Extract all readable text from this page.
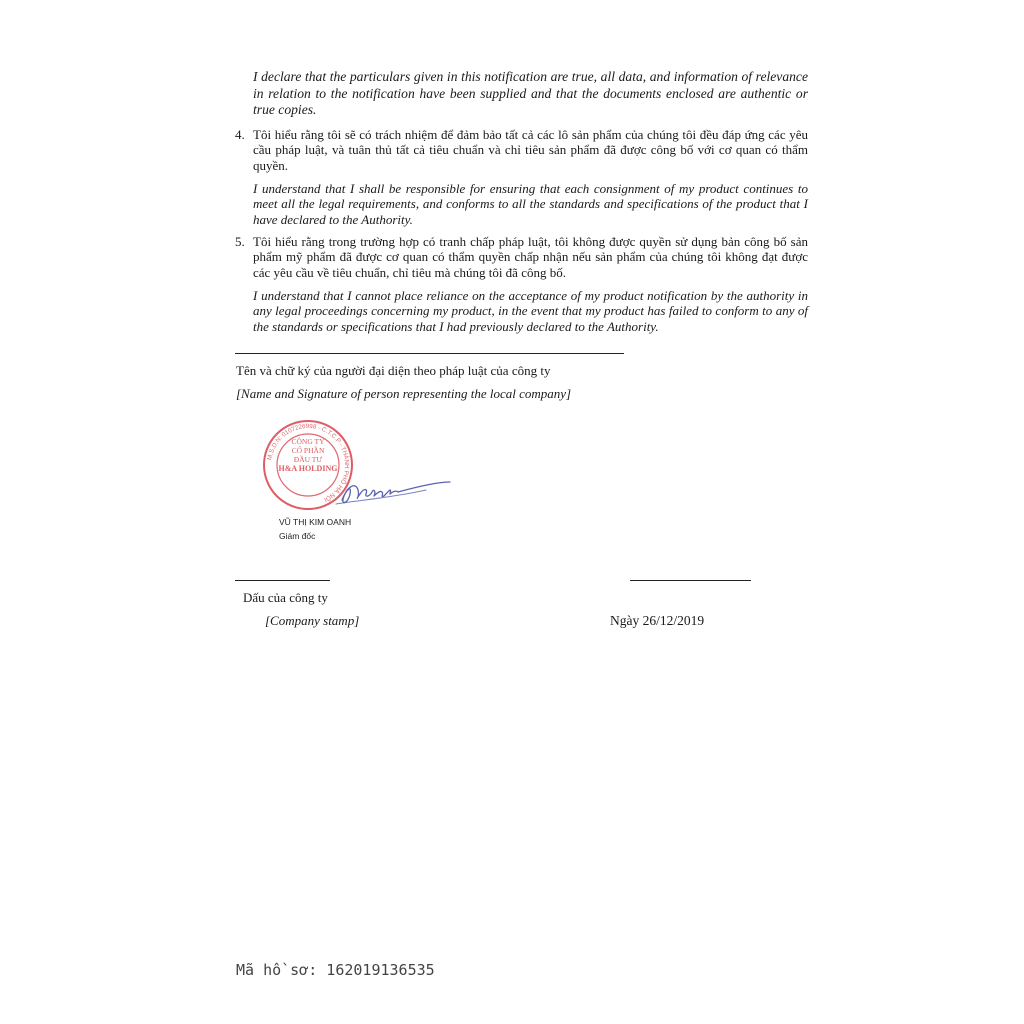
I declare that the particulars given in this notification are true, all data, and information of relevance in relation to the notification have been supplied and that the documents enclosed are authentic or true copies.

4. Tôi hiểu rằng tôi sẽ có trách nhiệm để đảm bảo tất cả các lô sản phẩm của chúng tôi đều đáp ứng các yêu cầu pháp luật, và tuân thủ tất cả tiêu chuẩn và chỉ tiêu sản phẩm đã được công bố với cơ quan có thẩm quyền.

I understand that I shall be responsible for ensuring that each consignment of my product continues to meet all the legal requirements, and conforms to all the standards and specifications of the product that I have declared to the Authority.

5. Tôi hiểu rằng trong trường hợp có tranh chấp pháp luật, tôi không được quyền sử dụng bản công bố sản phẩm mỹ phẩm đã được cơ quan có thẩm quyền chấp nhận nếu sản phẩm của chúng tôi không đạt được các yêu cầu về tiêu chuẩn, chỉ tiêu mà chúng tôi đã công bố.

I understand that I cannot place reliance on the acceptance of my product notification by the authority in any legal proceedings concerning my product, in the event that my product has failed to conform to any of the standards or specifications that I had previously declared to the Authority.

Tên và chữ ký của người đại diện theo pháp luật của công ty
[Name and Signature of person representing the local company]
M.S.D.N: 0107226998 - C.T.C.P - THÀNH PHỐ HÀ NỘI
CÔNG TY
CỔ PHẦN
ĐẦU TƯ
H&A HOLDING
VŨ THỊ KIM OANH
Giám đốc
Dấu của công ty
[Company stamp]	Ngày 26/12/2019
Mã hồ sơ: 162019136535
